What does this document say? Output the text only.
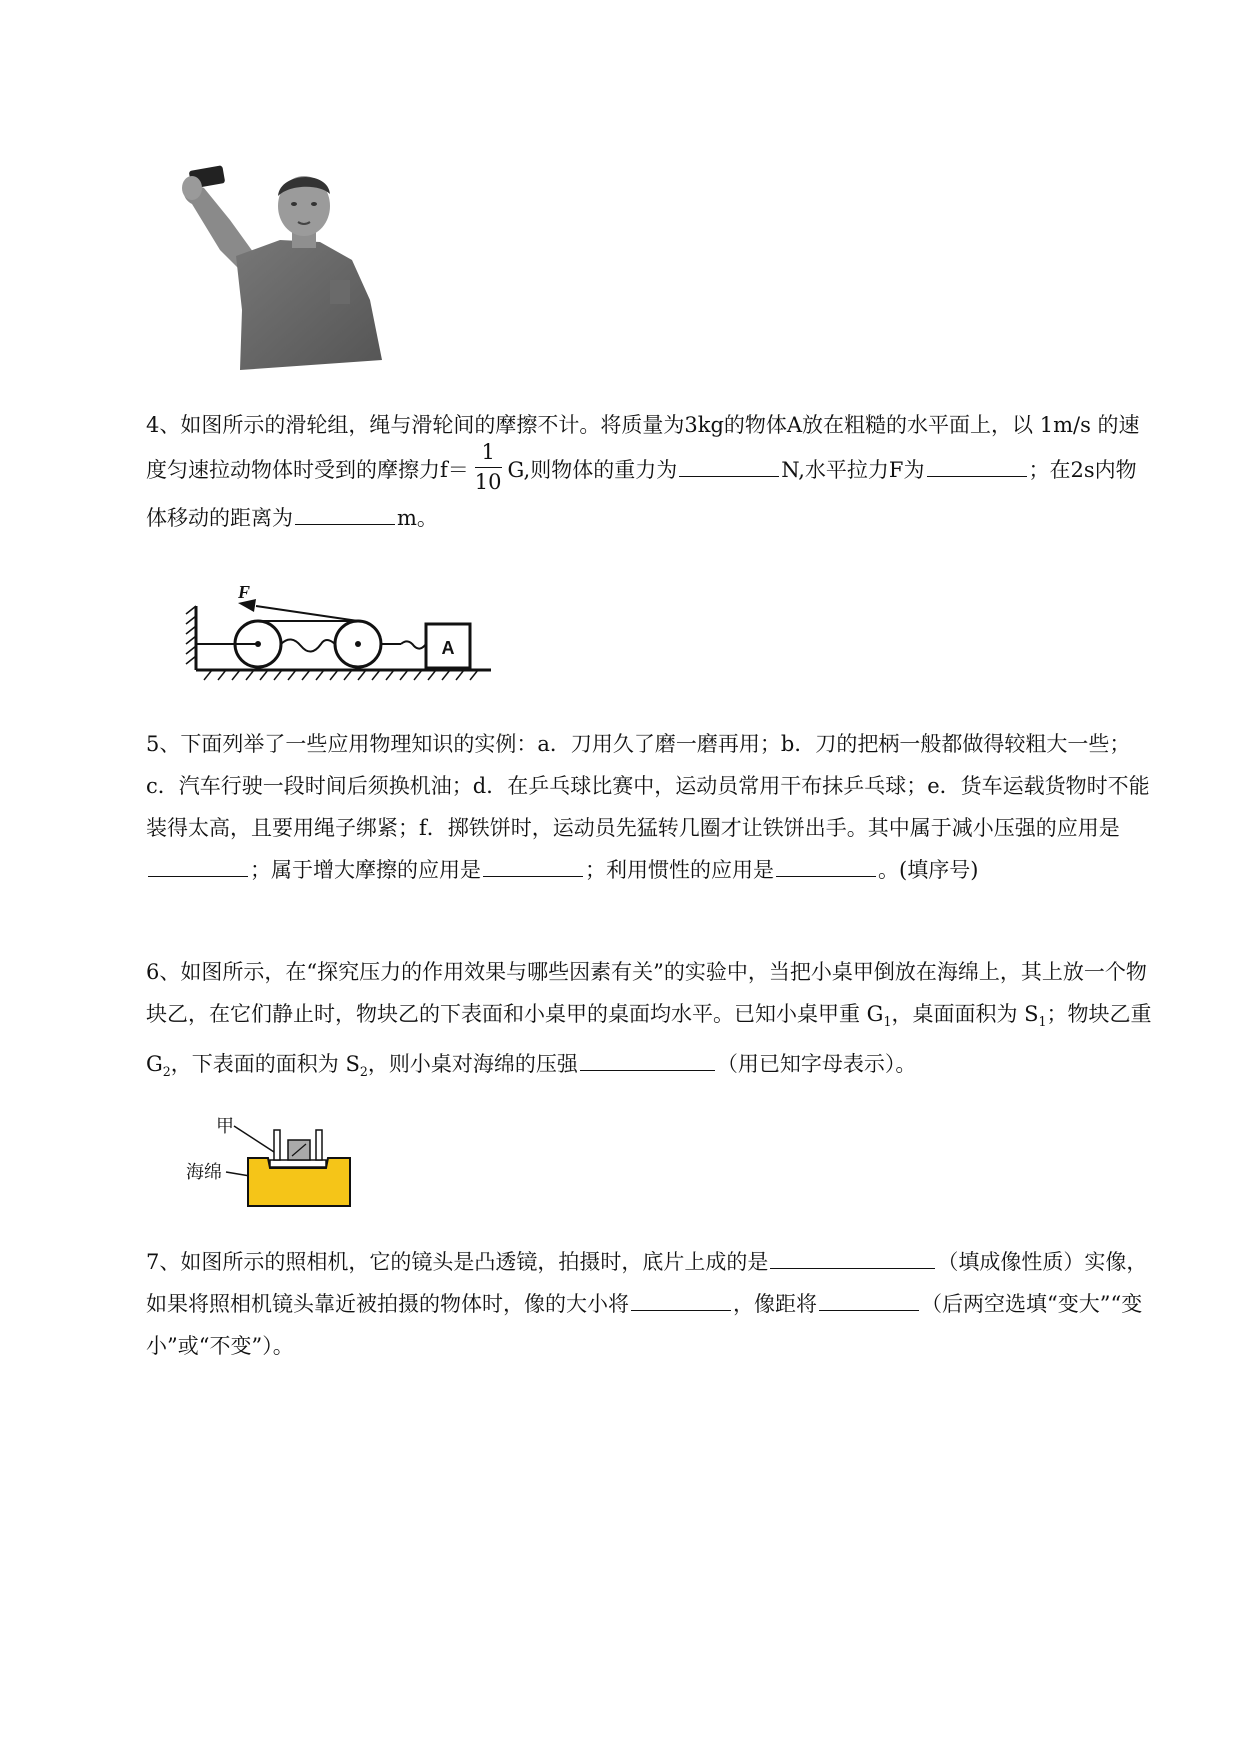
4、如图所示的滑轮组，绳与滑轮间的摩擦不计。将质量为3kg的物体A放在粗糙的水平面上，以 1m/s 的速度匀速拉动物体时受到的摩擦力$f= \frac{1}{10} G$,则物体的重力为	N,水平拉力F为	；在2s内物体移动的距离为	m。
F
A
5、下面列举了一些应用物理知识的实例：a．刀用久了磨一磨再用；b．刀的把柄一般都做得较粗大一些；c．汽车行驶一段时间后须换机油；d．在乒乓球比赛中，运动员常用干布抹乒乓球；e．货车运载货物时不能装得太高，且要用绳子绑紧；f．掷铁饼时，运动员先猛转几圈才让铁饼出手。其中属于减小压强的应用是；属于增大摩擦的应用是	；利用惯性的应用是	。(填序号)
6、如图所示，在“探究压力的作用效果与哪些因素有关”的实验中，当把小桌甲倒放在海绵上，其上放一个物块乙，在它们静止时，物块乙的下表面和小桌甲的桌面均水平。已知小桌甲重 $G_1$，桌面面积为 $S_1$；物块乙重 $G_2$，下表面的面积为 $S_2$，则小桌对海绵的压强	（用已知字母表示）。
甲
海绵
7、如图所示的照相机，它的镜头是凸透镜，拍摄时，底片上成的是	（填成像性质）实像，如果将照相机镜头靠近被拍摄的物体时，像的大小将	，像距将	（后两空选填“变大”“变小”或“不变”）。
